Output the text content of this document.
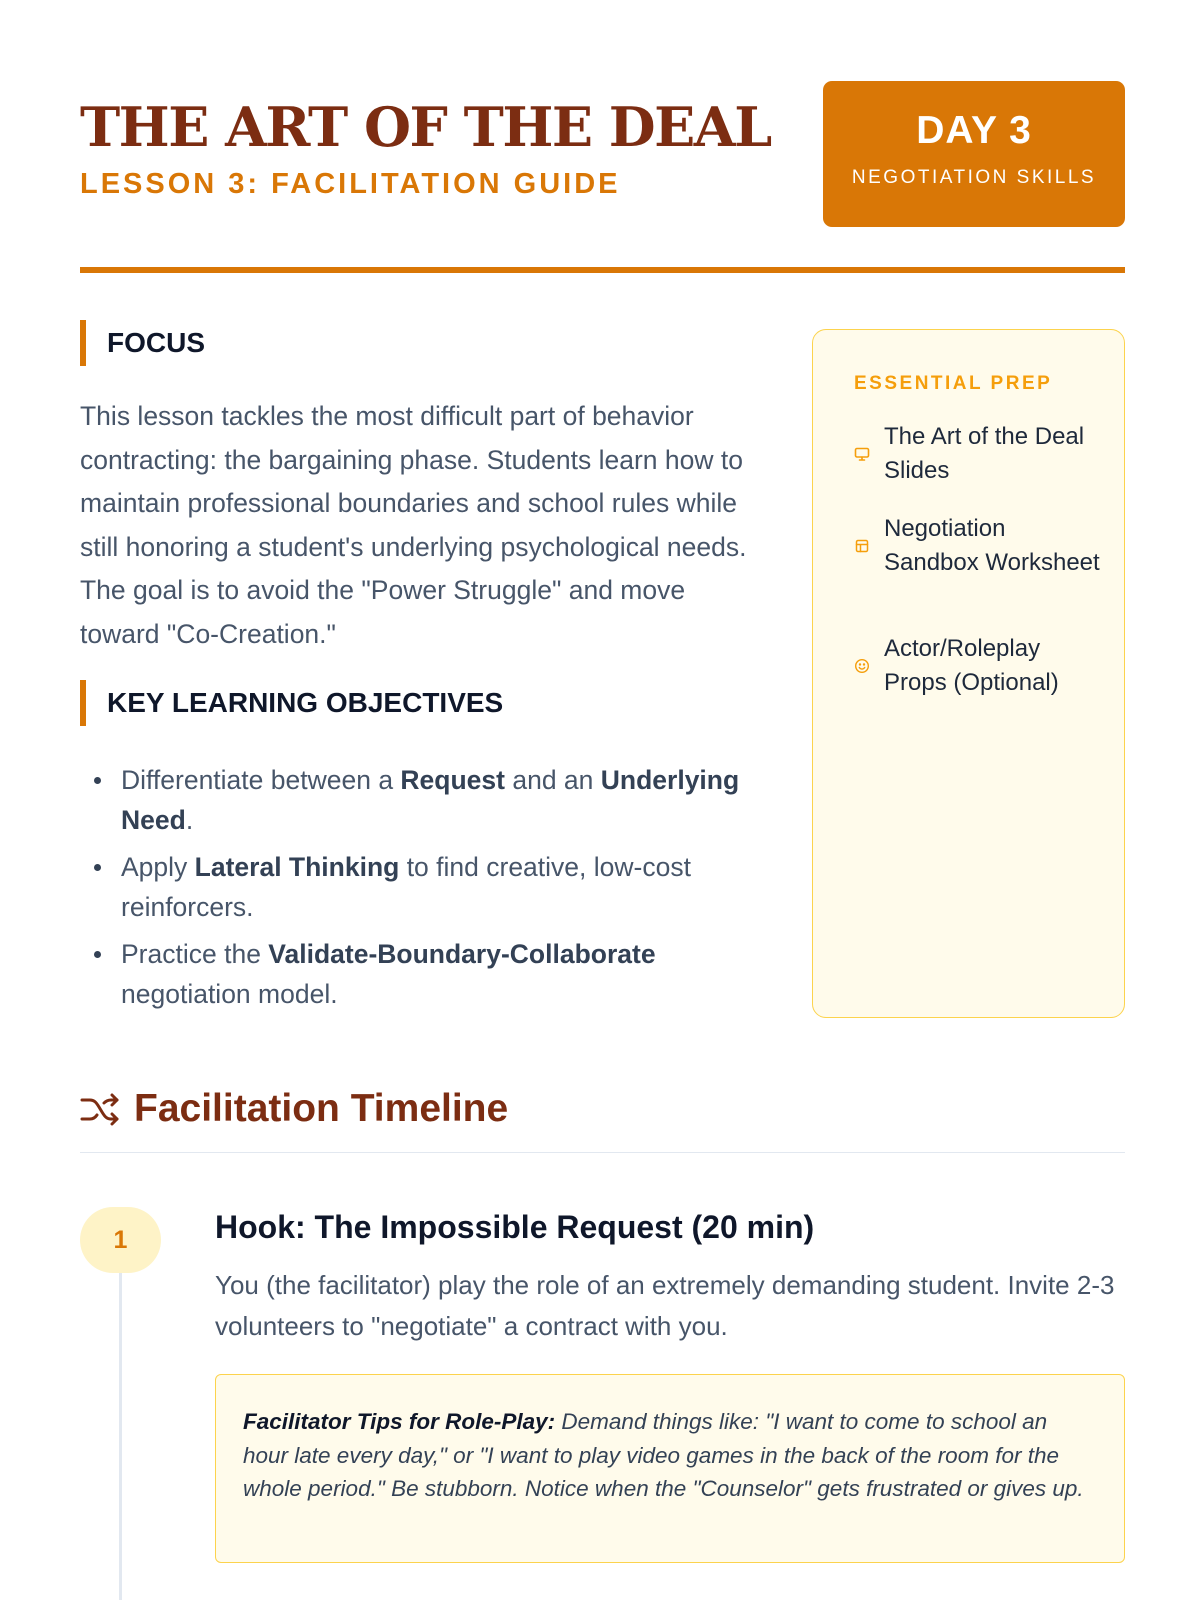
THE ART OF THE DEAL
LESSON 3: FACILITATION GUIDE
DAY 3
NEGOTIATION SKILLS
FOCUS

This lesson tackles the most difficult part of behavior contracting: the bargaining phase. Students learn how to maintain professional boundaries and school rules while still honoring a student's underlying psychological needs. The goal is to avoid the "Power Struggle" and move toward "Co-Creation."

KEY LEARNING OBJECTIVES
Differentiate between a Request and an Underlying Need.
Apply Lateral Thinking to find creative, low-cost reinforcers.
Practice the Validate-Boundary-Collaborate negotiation model.
ESSENTIAL PREP
The Art of the Deal Slides
Negotiation Sandbox Worksheet
Actor/Roleplay Props (Optional)
Facilitation Timeline
1	Hook: The Impossible Request (20 min)

You (the facilitator) play the role of an extremely demanding student. Invite 2-3 volunteers to "negotiate" a contract with you.

Facilitator Tips for Role-Play: Demand things like: "I want to come to school an hour late every day," or "I want to play video games in the back of the room for the whole period." Be stubborn. Notice when the "Counselor" gets frustrated or gives up.
